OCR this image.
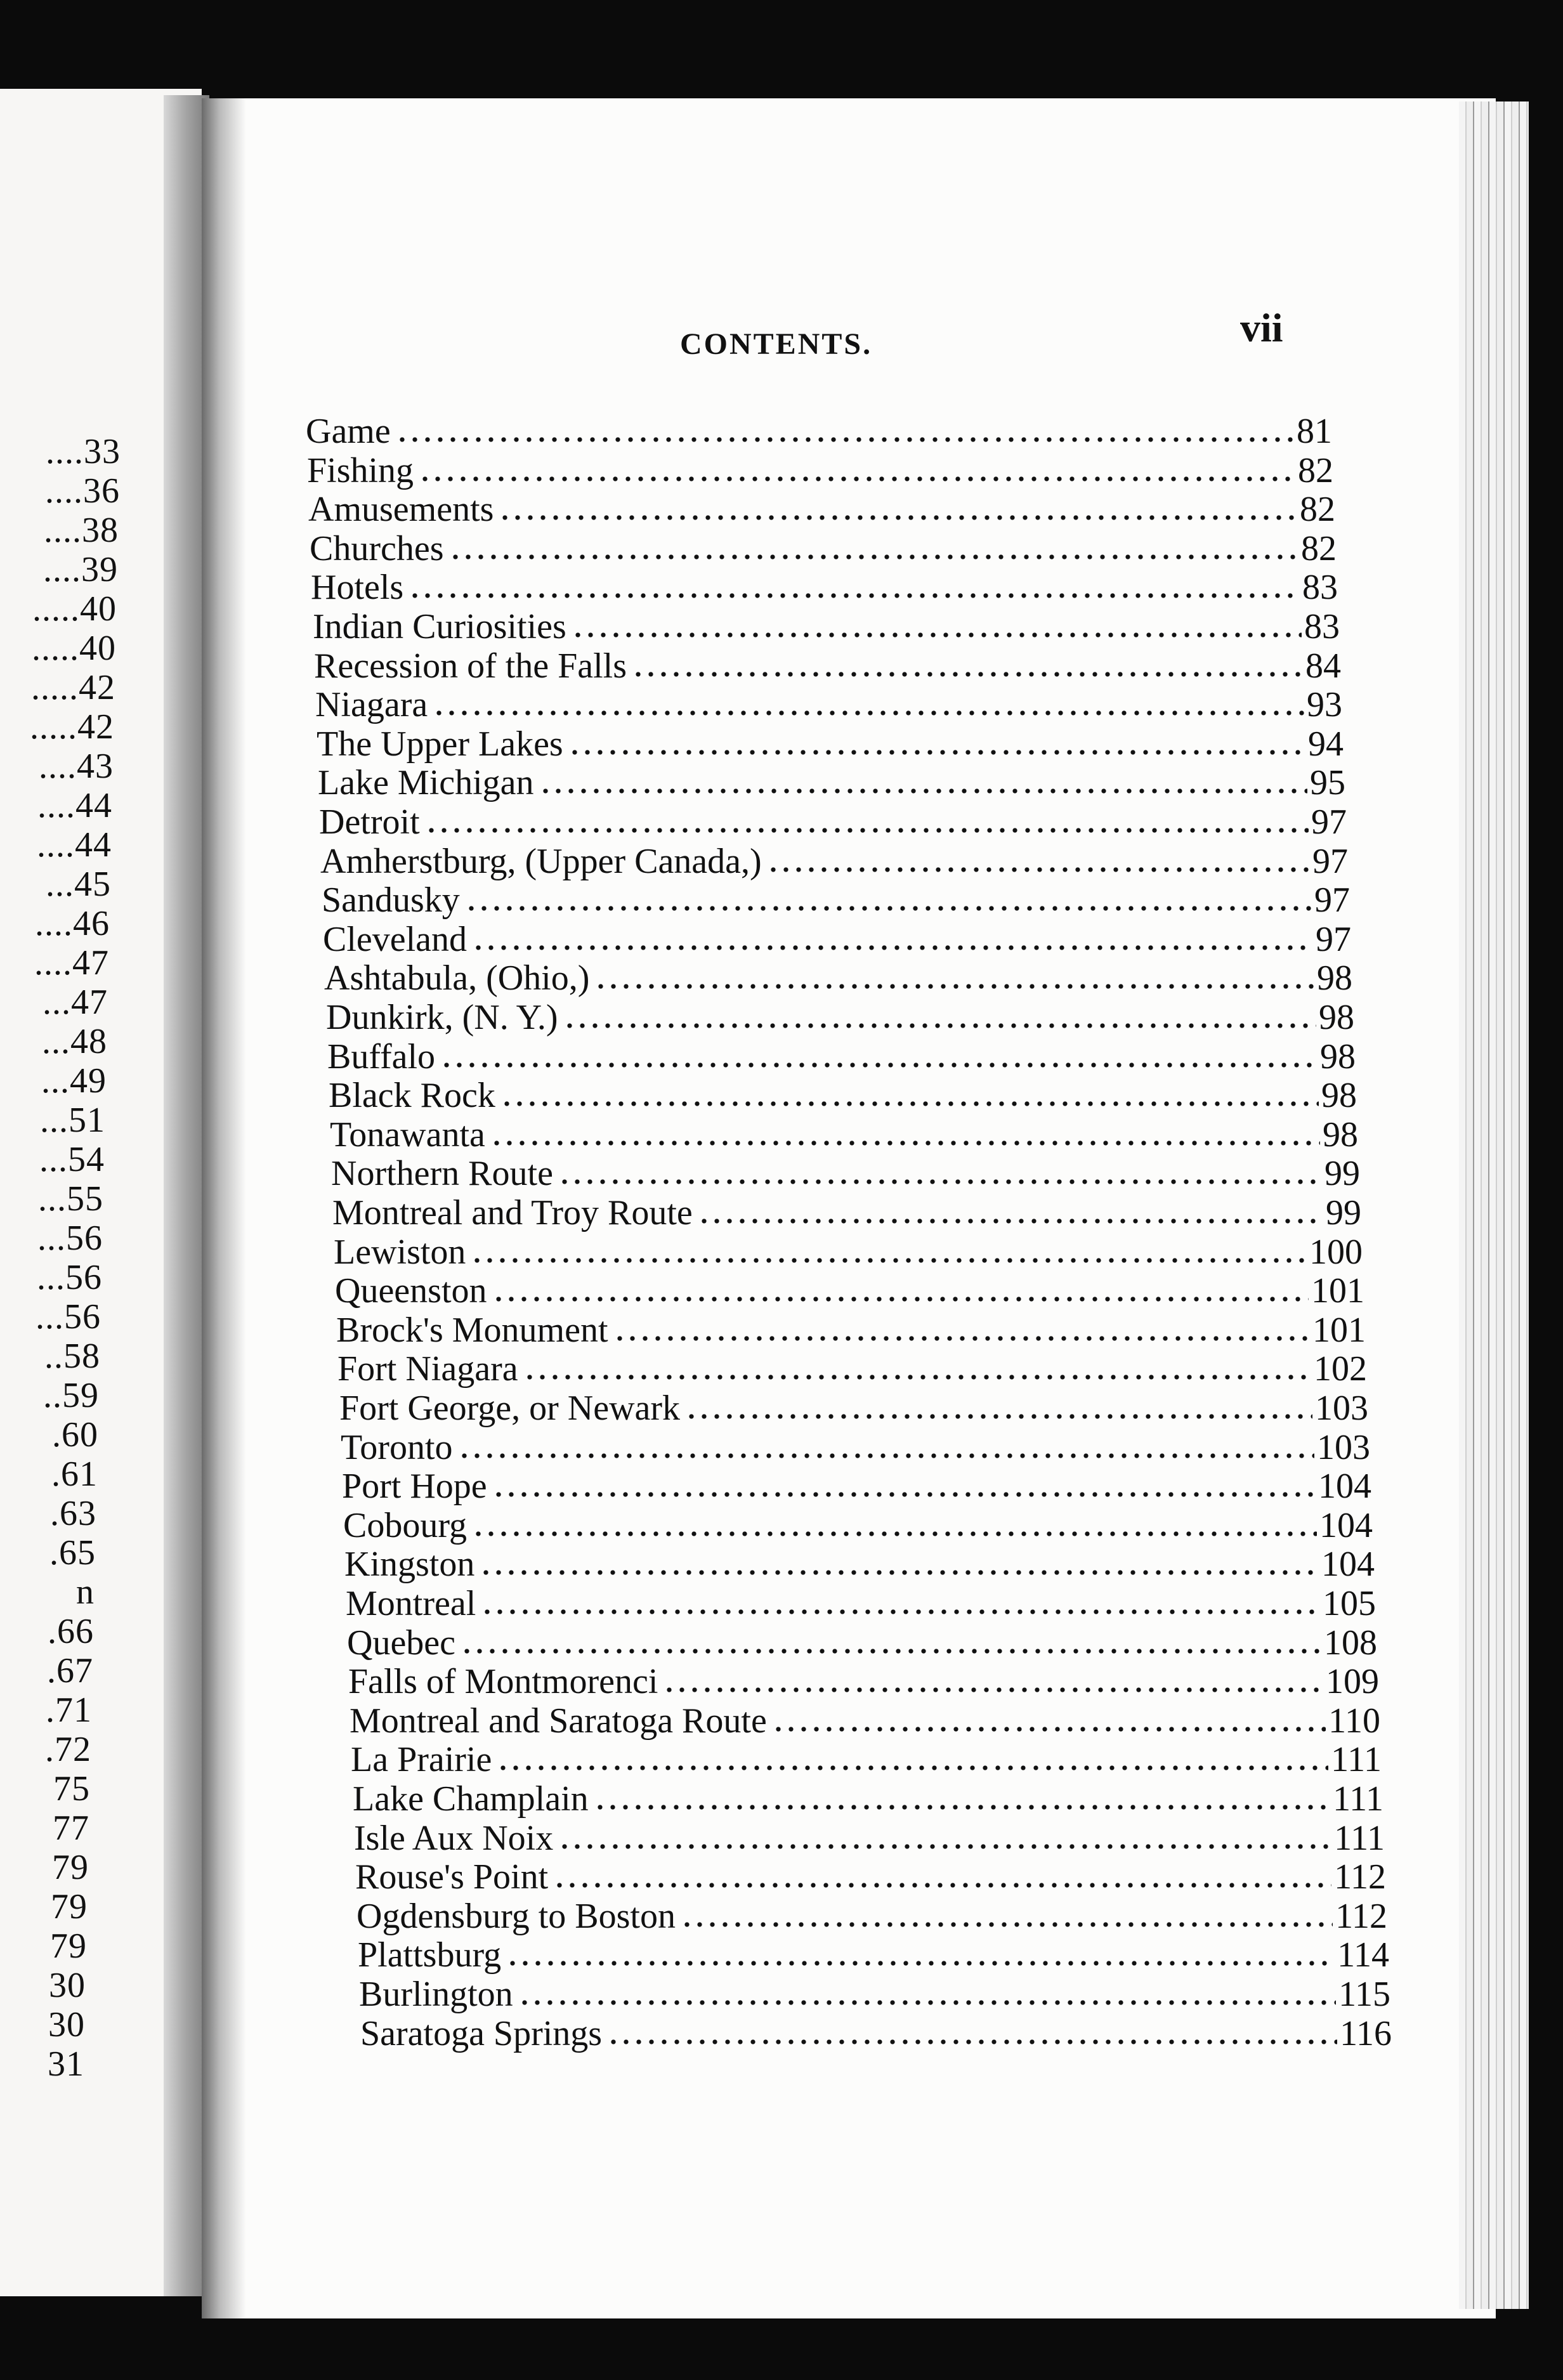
....33
....36
....38
....39
.....40
.....40
.....42
.....42
....43
....44
....44
...45
....46
....47
...47
...48
...49
...51
...54
...55
...56
...56
...56
..58
..59
.60
.61
.63
.65
n
.66
.67
.71
.72
75
77
79
79
79
30
30
31
CONTENTS.	vii
Game	81
Fishing	82
Amusements	82
Churches	82
Hotels	83
Indian Curiosities	83
Recession of the Falls	84
Niagara	93
The Upper Lakes	94
Lake Michigan	95
Detroit	97
Amherstburg, (Upper Canada,)	97
Sandusky	97
Cleveland	97
Ashtabula, (Ohio,)	98
Dunkirk, (N. Y.)	98
Buffalo	98
Black Rock	98
Tonawanta	98
Northern Route	99
Montreal and Troy Route	99
Lewiston	100
Queenston	101
Brock's Monument	101
Fort Niagara	102
Fort George, or Newark	103
Toronto	103
Port Hope	104
Cobourg	104
Kingston	104
Montreal	105
Quebec	108
Falls of Montmorenci	109
Montreal and Saratoga Route	110
La Prairie	111
Lake Champlain	111
Isle Aux Noix	111
Rouse's Point	112
Ogdensburg to Boston	112
Plattsburg	114
Burlington	115
Saratoga Springs	116
